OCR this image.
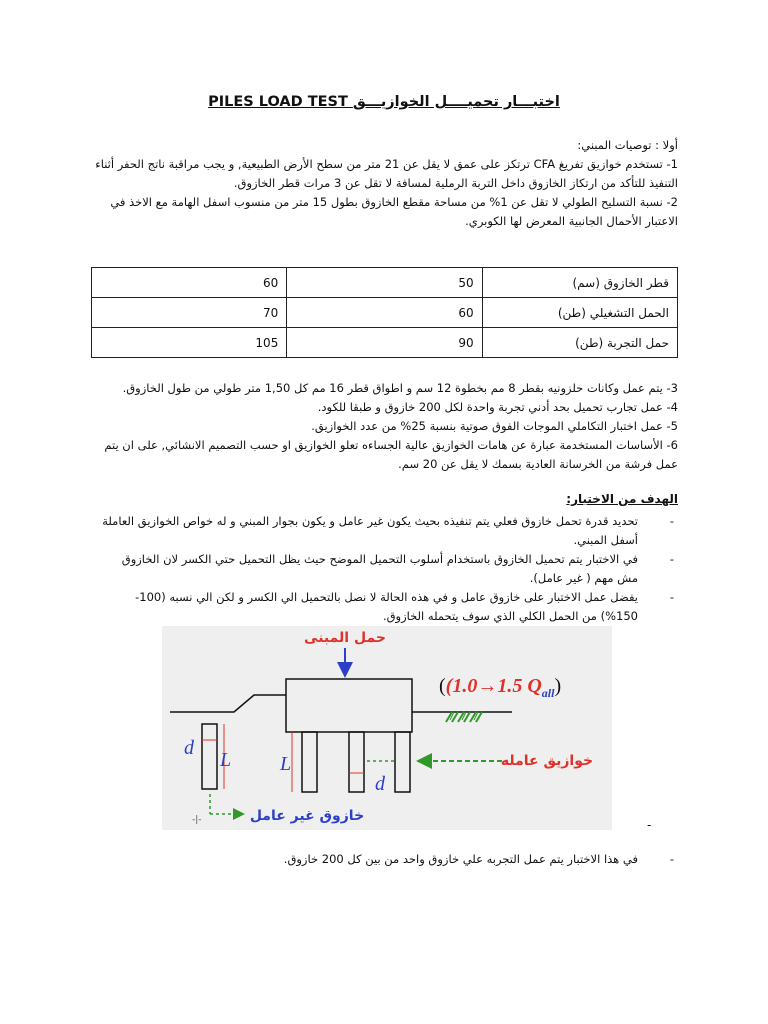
PILES LOAD TEST اختبـــار تحميــــل الخوازيـــق
أولا : توصيات المبني:
1- تستخدم خوازيق تفريغ CFA ترتكز على عمق لا يقل عن 21 متر من سطح الأرض الطبيعية, و يجب مراقبة ناتج الحفر أثناء التنفيذ للتأكد من ارتكاز الخازوق داخل التربة الرملية لمسافة لا تقل عن 3 مرات قطر الخازوق.
2- نسبة التسليح الطولي لا تقل عن 1% من مساحة مقطع الخازوق بطول 15 متر من منسوب اسفل الهامة مع الاخذ في الاعتبار الأحمال الجانبية المعرض لها الكوبري.
60	50	قطر الخازوق (سم)
70	60	الحمل التشغيلي (طن)
105	90	حمل التجربة (طن)
3- يتم عمل وكانات حلزونيه بقطر 8 مم بخطوة 12 سم و اطواق قطر 16 مم كل 1,50 متر طولي من طول الخازوق.
4- عمل تجارب تحميل بحد أدني تجربة واحدة لكل 200 خازوق و طبقا للكود.
5- عمل اختبار التكاملي الموجات الفوق صوتية بنسبة 25% من عدد الخوازيق.
6- الأساسات المستخدمة عبارة عن هامات الخوازيق عالية الجساءه تعلو الخوازيق او حسب التصميم الانشائي, على ان يتم عمل فرشة من الخرسانة العادية بسمك لا يقل عن 20 سم.
الهدف من الاختبار:
-
تحديد قدرة تحمل خازوق فعلي يتم تنفيذه بحيث يكون غير عامل و يكون بجوار المبني و له خواص الخوازيق العاملة أسفل المبني.
-
في الاختبار يتم تحميل الخازوق باستخدام أسلوب التحميل الموضح حيث يظل التحميل حتي الكسر لان الخازوق مش مهم ( غير عامل).
-
يفضل عمل الاختبار على خازوق عامل و في هذه الحالة لا نصل بالتحميل الي الكسر و لكن الي نسبه (100-150%) من الحمل الكلي الذي سوف يتحمله الخازوق.
حمل المبنى
((1.0→1.5 $Q_{all}$)
خوازيق عامله
d
L
d
L
خازوق غير عامل
-|-	-
-
في هذا الاختبار يتم عمل التجربه علي خازوق واحد من بين كل 200 خازوق.
